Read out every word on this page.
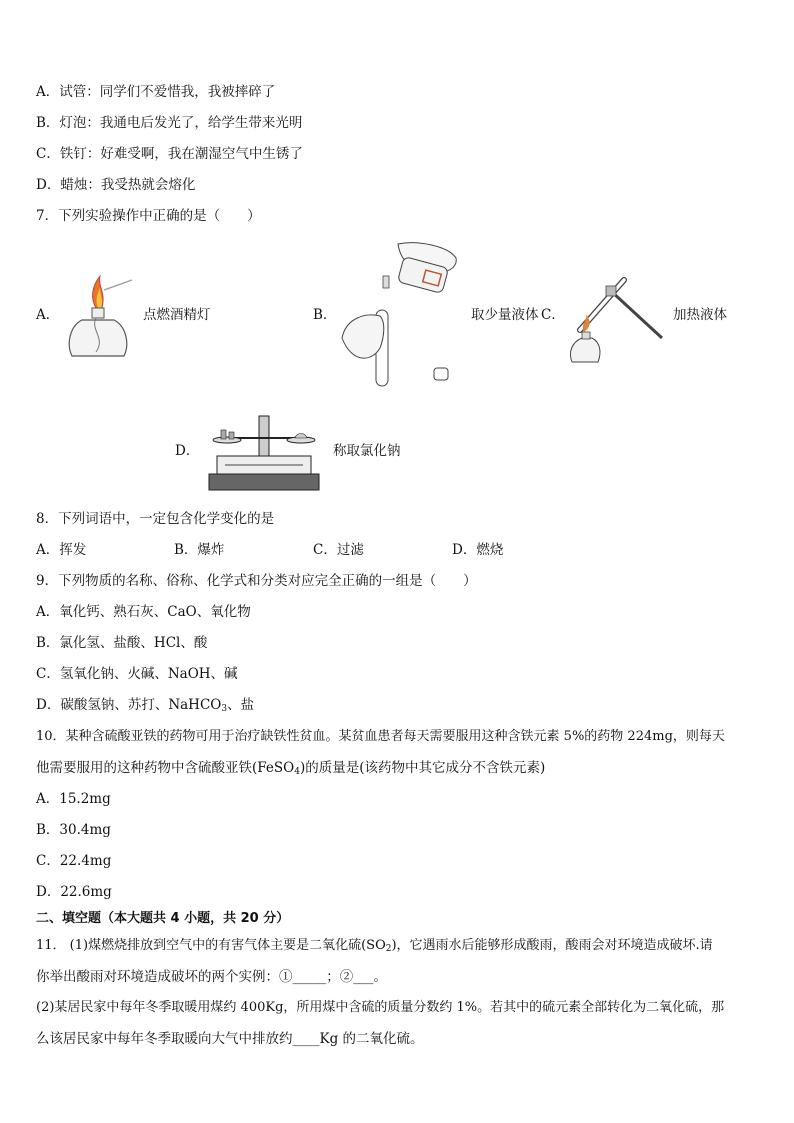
A．试管：同学们不爱惜我，我被摔碎了
B．灯泡：我通电后发光了，给学生带来光明
C．铁钉：好难受啊，我在潮湿空气中生锈了
D．蜡烛：我受热就会熔化
7．下列实验操作中正确的是（　　）
A．	点燃酒精灯	B．	取少量液体 C．	加热液体
D．	称取氯化钠
8．下列词语中，一定包含化学变化的是
A．挥发	B．爆炸	C．过滤	D．燃烧
9．下列物质的名称、俗称、化学式和分类对应完全正确的一组是（　　）
A．氧化钙、熟石灰、CaO、氧化物
B．氯化氢、盐酸、HCl、酸
C．氢氧化钠、火碱、NaOH、碱
D．碳酸氢钠、苏打、NaHCO$_3$、盐
10．某种含硫酸亚铁的药物可用于治疗缺铁性贫血。某贫血患者每天需要服用这种含铁元素 5%的药物 224mg，则每天
他需要服用的这种药物中含硫酸亚铁(FeSO$_4$)的质量是(该药物中其它成分不含铁元素)
A．15.2mg
B．30.4mg
C．22.4mg
D．22.6mg
二、填空题（本大题共 4 小题，共 20 分）
11． (1)煤燃烧排放到空气中的有害气体主要是二氧化硫$(SO_2)$，它遇雨水后能够形成酸雨，酸雨会对环境造成破坏.请
你举出酸雨对环境造成破坏的两个实例：①_____；②___。
(2)某居民家中每年冬季取暖用煤约 400Kg，所用煤中含硫的质量分数约 1%。若其中的硫元素全部转化为二氧化硫，那
么该居民家中每年冬季取暖向大气中排放约____Kg 的二氧化硫。
